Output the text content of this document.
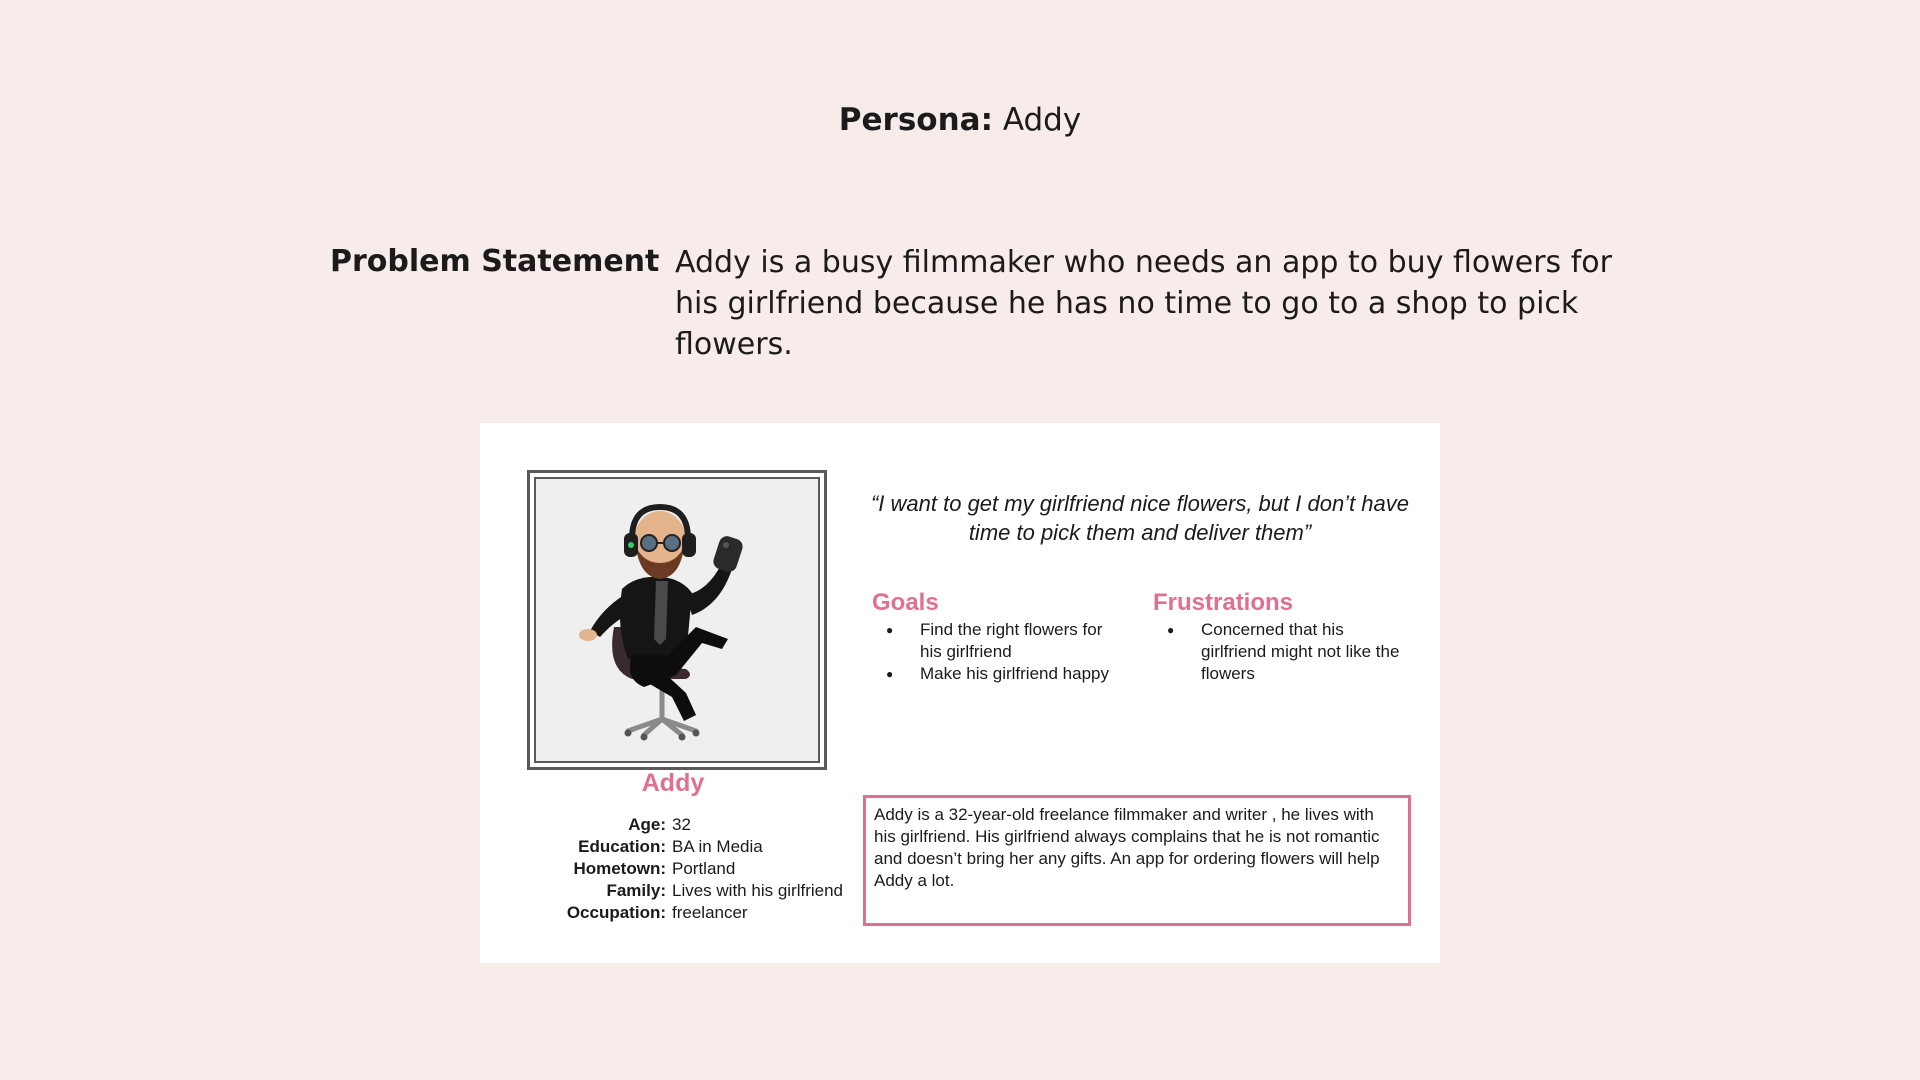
Persona: Addy
Problem Statement Addy is a busy filmmaker who needs an app to buy flowers for his girlfriend because he has no time to go to a shop to pick flowers.
Addy
Age: 32
Education: BA in Media
Hometown: Portland
Family: Lives with his girlfriend
Occupation: freelancer
“I want to get my girlfriend nice flowers, but I don’t have time to pick them and deliver them”
Goals
● Find the right flowers for his girlfriend
● Make his girlfriend happy
Frustrations
● Concerned that his girlfriend might not like the flowers
Addy is a 32-year-old freelance filmmaker and writer , he lives with his girlfriend. His girlfriend always complains that he is not romantic and doesn’t bring her any gifts. An app for ordering flowers will help Addy a lot.
